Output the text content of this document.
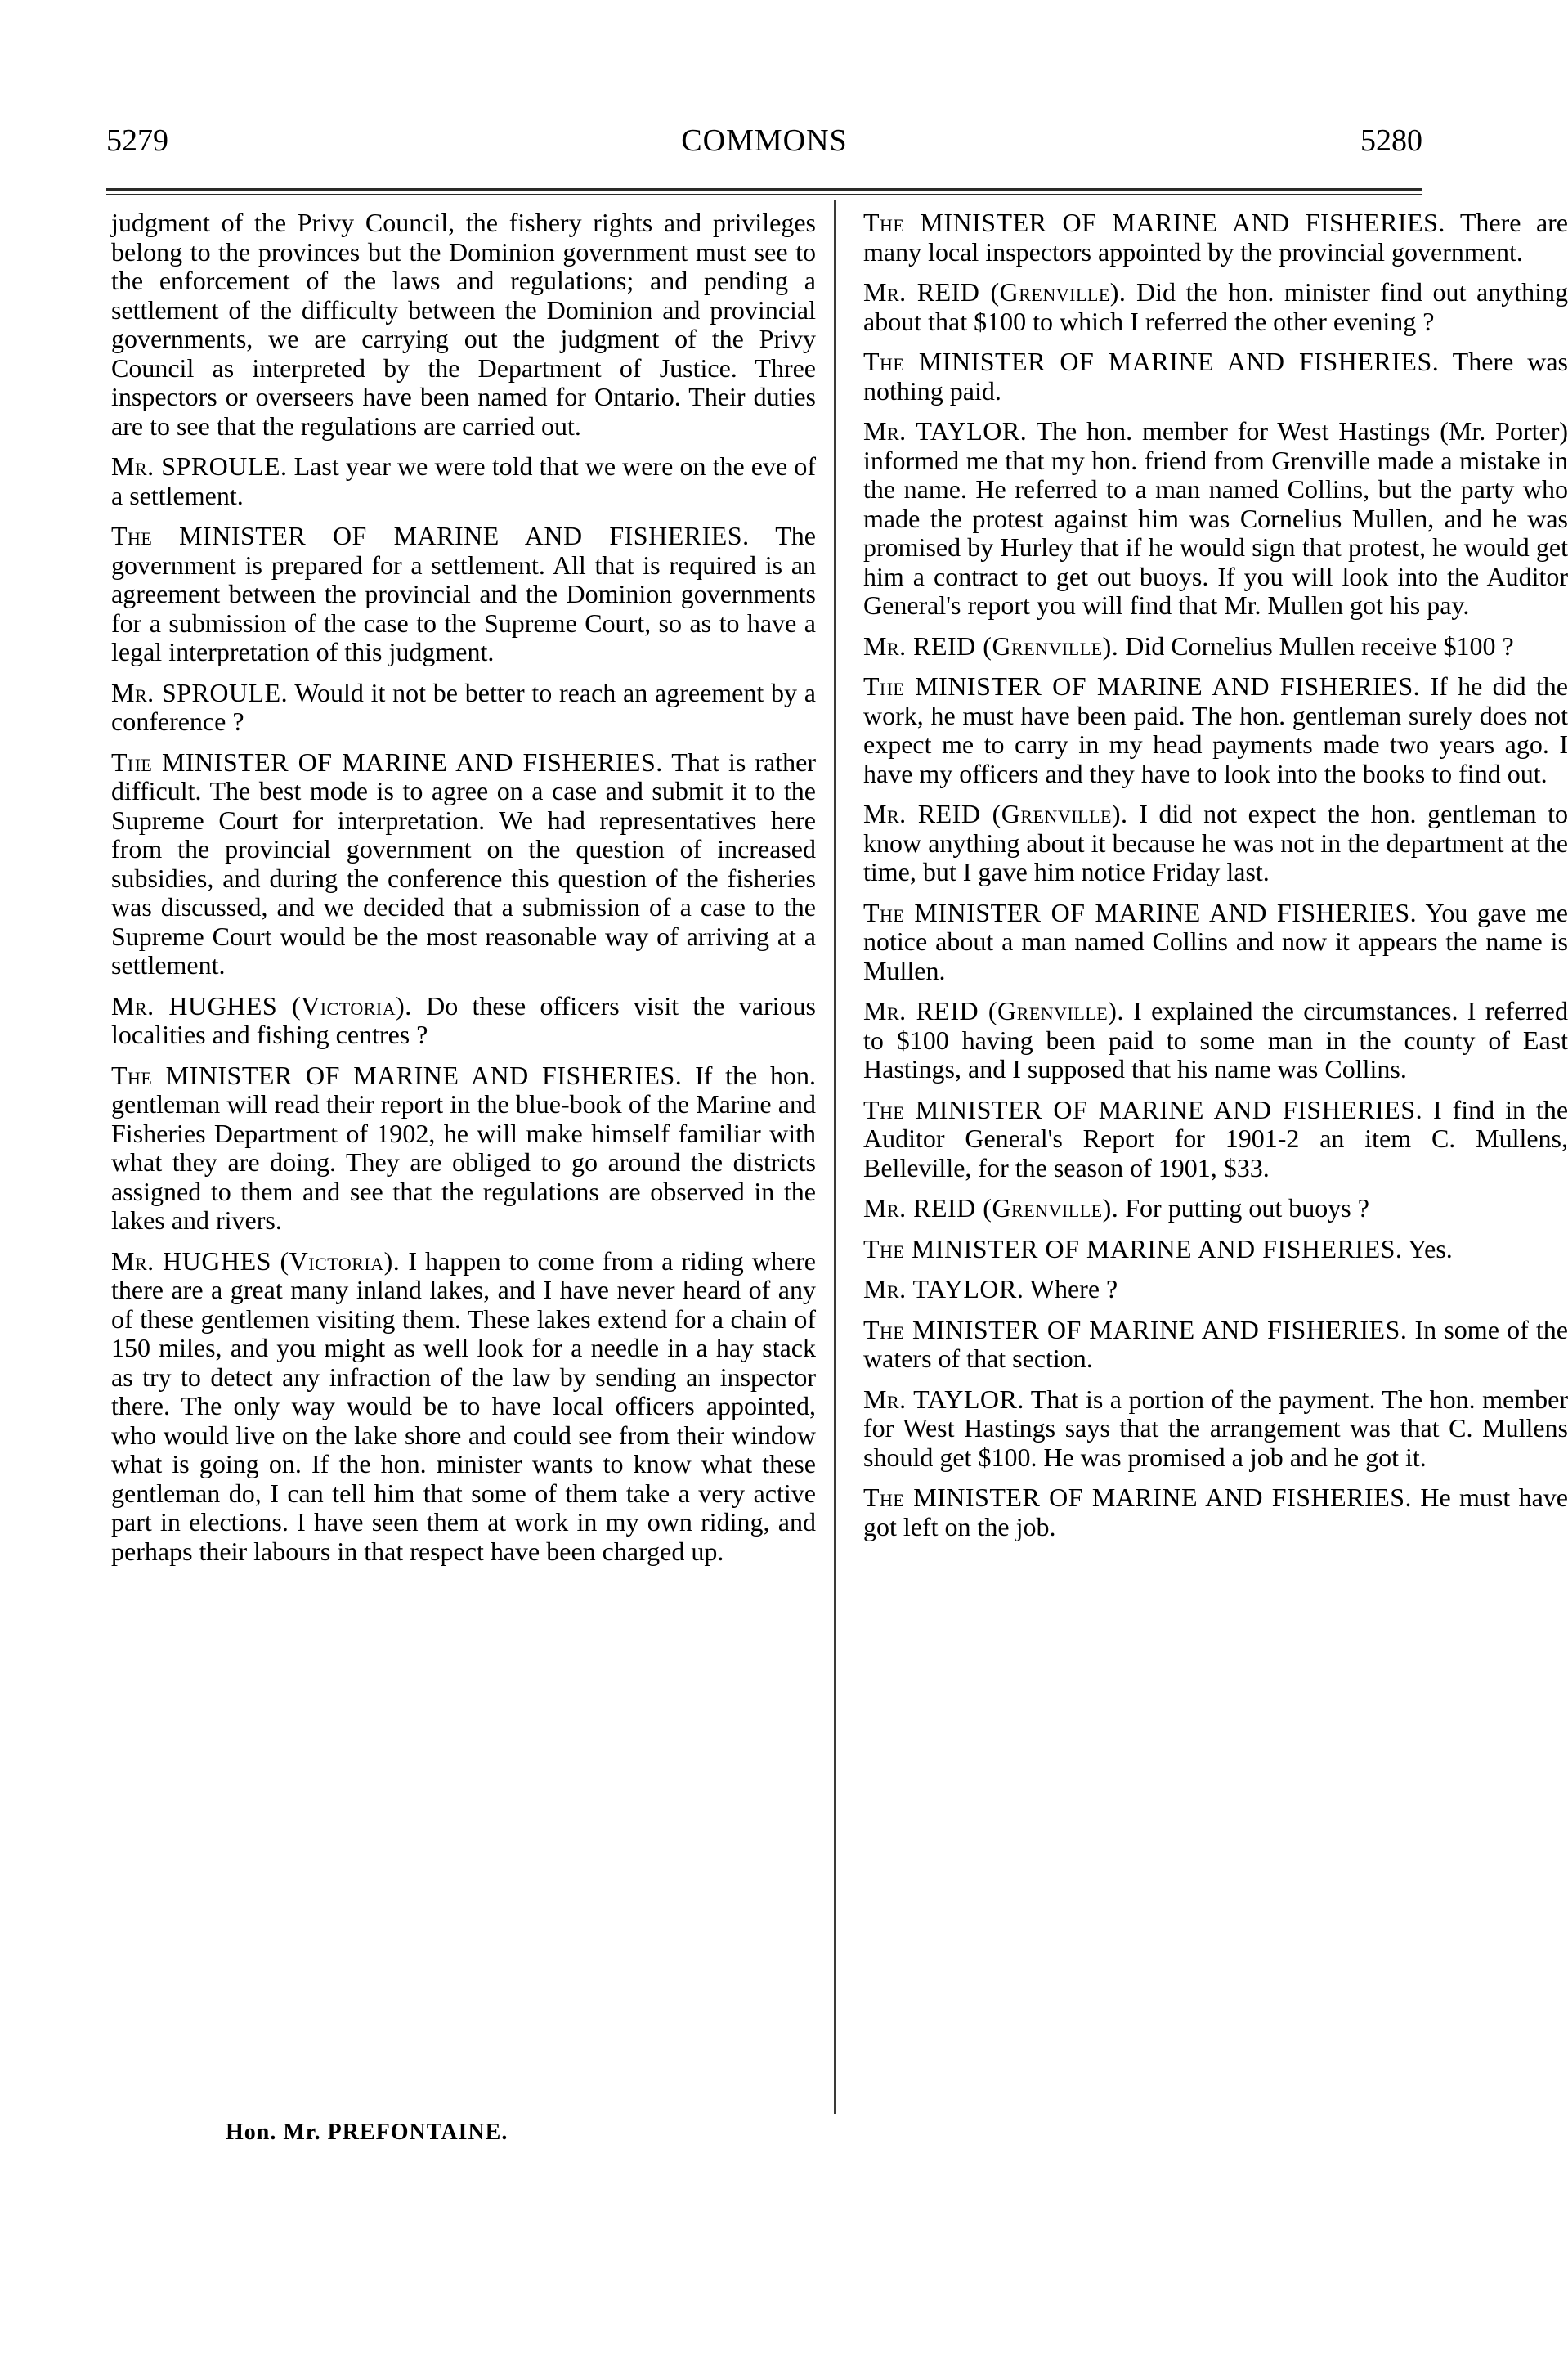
5279	COMMONS	5280

judgment of the Privy Council, the fishery rights and privileges belong to the provinces but the Dominion government must see to the enforcement of the laws and regulations; and pending a settlement of the difficulty between the Dominion and provincial governments, we are carrying out the judgment of the Privy Council as interpreted by the Department of Justice. Three inspectors or overseers have been named for Ontario. Their duties are to see that the regulations are carried out.

Mr. SPROULE. Last year we were told that we were on the eve of a settlement.

The MINISTER OF MARINE AND FISHERIES. The government is prepared for a settlement. All that is required is an agreement between the provincial and the Dominion governments for a submission of the case to the Supreme Court, so as to have a legal interpretation of this judgment.

Mr. SPROULE. Would it not be better to reach an agreement by a conference ?

The MINISTER OF MARINE AND FISHERIES. That is rather difficult. The best mode is to agree on a case and submit it to the Supreme Court for interpretation. We had representatives here from the provincial government on the question of increased subsidies, and during the conference this question of the fisheries was discussed, and we decided that a submission of a case to the Supreme Court would be the most reasonable way of arriving at a settlement.

Mr. HUGHES (Victoria). Do these officers visit the various localities and fishing centres ?

The MINISTER OF MARINE AND FISHERIES. If the hon. gentleman will read their report in the blue-book of the Marine and Fisheries Department of 1902, he will make himself familiar with what they are doing. They are obliged to go around the districts assigned to them and see that the regulations are observed in the lakes and rivers.

Mr. HUGHES (Victoria). I happen to come from a riding where there are a great many inland lakes, and I have never heard of any of these gentlemen visiting them. These lakes extend for a chain of 150 miles, and you might as well look for a needle in a hay stack as try to detect any infraction of the law by sending an inspector there. The only way would be to have local officers appointed, who would live on the lake shore and could see from their window what is going on. If the hon. minister wants to know what these gentleman do, I can tell him that some of them take a very active part in elections. I have seen them at work in my own riding, and perhaps their labours in that respect have been charged up.

The MINISTER OF MARINE AND FISHERIES. There are many local inspectors appointed by the provincial government.

Mr. REID (Grenville). Did the hon. minister find out anything about that $100 to which I referred the other evening ?

The MINISTER OF MARINE AND FISHERIES. There was nothing paid.

Mr. TAYLOR. The hon. member for West Hastings (Mr. Porter) informed me that my hon. friend from Grenville made a mistake in the name. He referred to a man named Collins, but the party who made the protest against him was Cornelius Mullen, and he was promised by Hurley that if he would sign that protest, he would get him a contract to get out buoys. If you will look into the Auditor General's report you will find that Mr. Mullen got his pay.

Mr. REID (Grenville). Did Cornelius Mullen receive $100 ?

The MINISTER OF MARINE AND FISHERIES. If he did the work, he must have been paid. The hon. gentleman surely does not expect me to carry in my head payments made two years ago. I have my officers and they have to look into the books to find out.

Mr. REID (Grenville). I did not expect the hon. gentleman to know anything about it because he was not in the department at the time, but I gave him notice Friday last.

The MINISTER OF MARINE AND FISHERIES. You gave me notice about a man named Collins and now it appears the name is Mullen.

Mr. REID (Grenville). I explained the circumstances. I referred to $100 having been paid to some man in the county of East Hastings, and I supposed that his name was Collins.

The MINISTER OF MARINE AND FISHERIES. I find in the Auditor General's Report for 1901-2 an item C. Mullens, Belleville, for the season of 1901, $33.

Mr. REID (Grenville). For putting out buoys ?

The MINISTER OF MARINE AND FISHERIES. Yes.

Mr. TAYLOR. Where ?

The MINISTER OF MARINE AND FISHERIES. In some of the waters of that section.

Mr. TAYLOR. That is a portion of the payment. The hon. member for West Hastings says that the arrangement was that C. Mullens should get $100. He was promised a job and he got it.

The MINISTER OF MARINE AND FISHERIES. He must have got left on the job.

Hon. Mr. PREFONTAINE.
